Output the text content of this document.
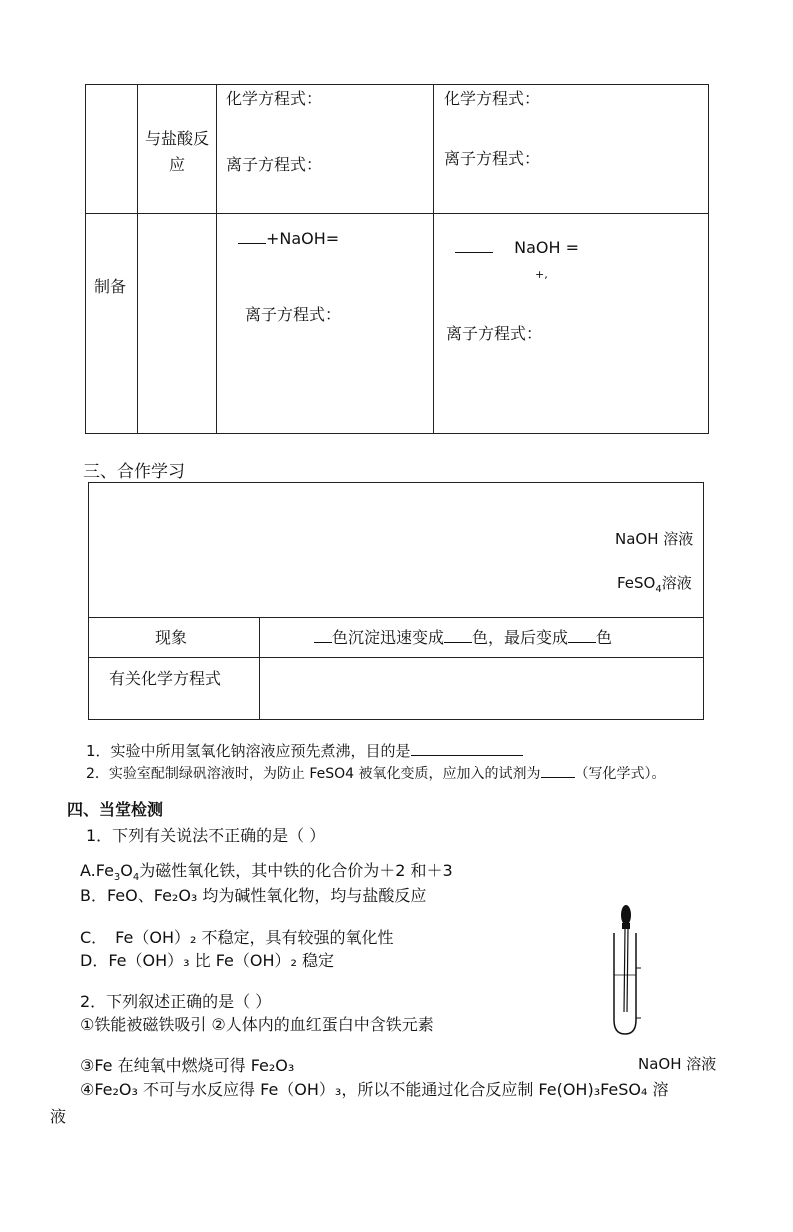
与盐酸反应
化学方程式：
离子方程式：
化学方程式：
离子方程式：
制备
+NaOH=
离子方程式：
NaOH =
+,
离子方程式：
三、合作学习
NaOH 溶液
FeSO$_4$溶液
现象	色沉淀迅速变成 色，最后变成 色
有关化学方程式
1．实验中所用氢氧化钠溶液应预先煮沸，目的是
2．实验室配制绿矾溶液时，为防止 FeSO4 被氧化变质，应加入的试剂为 （写化学式）。
四、当堂检测
1．下列有关说法不正确的是（ ）
$A.Fe_3O_4$为磁性氧化铁，其中铁的化合价为＋2 和＋3
B．FeO、Fe₂O₃ 均为碱性氧化物，均与盐酸反应
C．　Fe（OH）₂ 不稳定，具有较强的氧化性
D．Fe（OH）₃ 比 Fe（OH）₂ 稳定
2．下列叙述正确的是（ ）
①铁能被磁铁吸引 ②人体内的血红蛋白中含铁元素
③Fe 在纯氧中燃烧可得 Fe₂O₃	NaOH 溶液
④Fe₂O₃ 不可与水反应得 Fe（OH）₃，所以不能通过化合反应制 Fe(OH)₃FeSO₄ 溶
液
